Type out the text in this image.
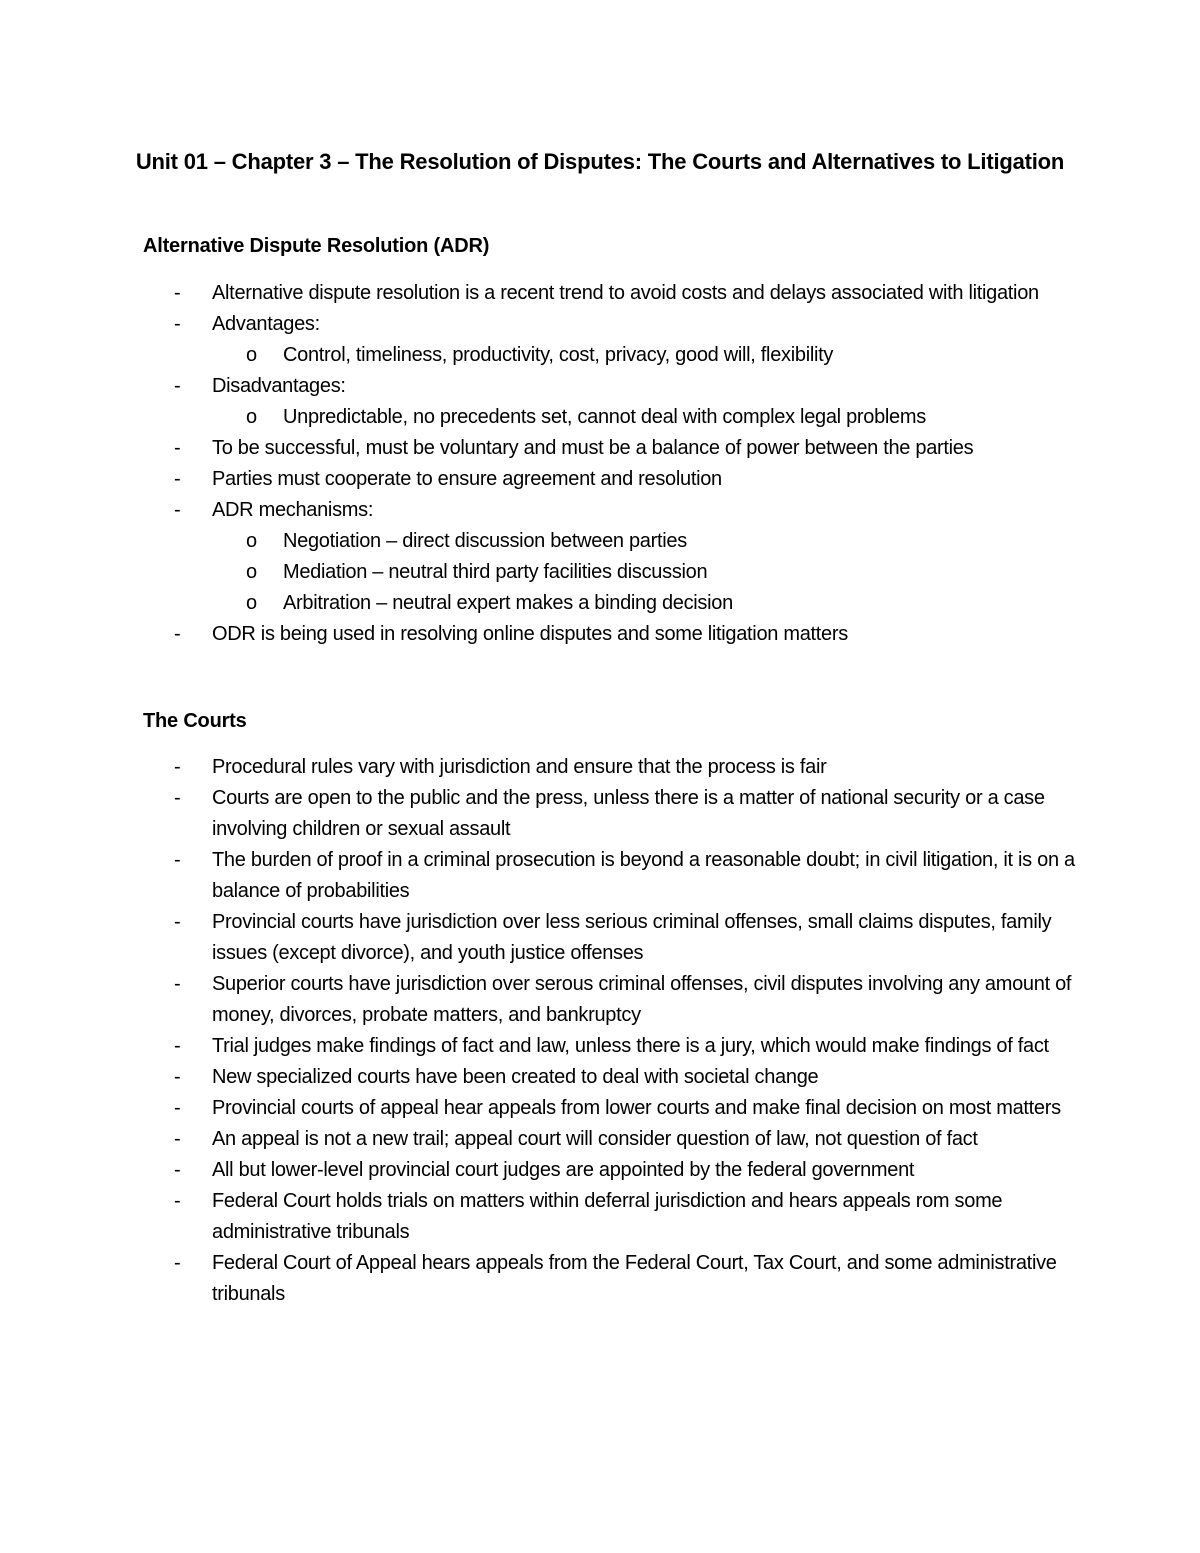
Unit 01 – Chapter 3 – The Resolution of Disputes: The Courts and Alternatives to Litigation
Alternative Dispute Resolution (ADR)
- Alternative dispute resolution is a recent trend to avoid costs and delays associated with litigation
- Advantages:
o Control, timeliness, productivity, cost, privacy, good will, flexibility
- Disadvantages:
o Unpredictable, no precedents set, cannot deal with complex legal problems
- To be successful, must be voluntary and must be a balance of power between the parties
- Parties must cooperate to ensure agreement and resolution
- ADR mechanisms:
o Negotiation – direct discussion between parties
o Mediation – neutral third party facilities discussion
o Arbitration – neutral expert makes a binding decision
- ODR is being used in resolving online disputes and some litigation matters
The Courts
- Procedural rules vary with jurisdiction and ensure that the process is fair
- Courts are open to the public and the press, unless there is a matter of national security or a case involving children or sexual assault
- The burden of proof in a criminal prosecution is beyond a reasonable doubt; in civil litigation, it is on a balance of probabilities
- Provincial courts have jurisdiction over less serious criminal offenses, small claims disputes, family issues (except divorce), and youth justice offenses
- Superior courts have jurisdiction over serous criminal offenses, civil disputes involving any amount of money, divorces, probate matters, and bankruptcy
- Trial judges make findings of fact and law, unless there is a jury, which would make findings of fact
- New specialized courts have been created to deal with societal change
- Provincial courts of appeal hear appeals from lower courts and make final decision on most matters
- An appeal is not a new trail; appeal court will consider question of law, not question of fact
- All but lower-level provincial court judges are appointed by the federal government
- Federal Court holds trials on matters within deferral jurisdiction and hears appeals rom some administrative tribunals
- Federal Court of Appeal hears appeals from the Federal Court, Tax Court, and some administrative tribunals
